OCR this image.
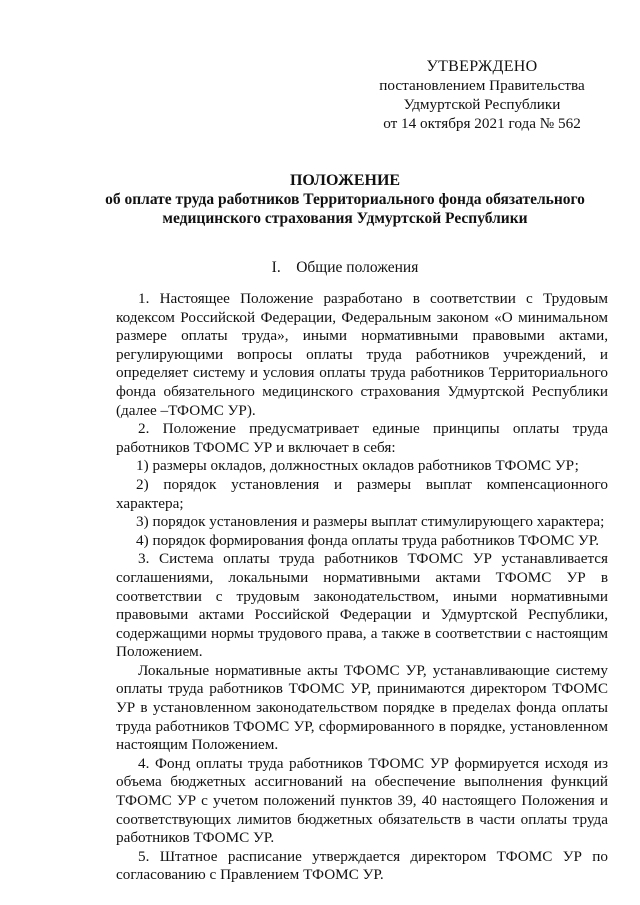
УТВЕРЖДЕНО
постановлением Правительства
Удмуртской Республики
от 14 октября 2021 года № 562
ПОЛОЖЕНИЕ
об оплате труда работников Территориального фонда обязательного
медицинского страхования Удмуртской Республики
I. Общие положения

1. Настоящее Положение разработано в соответствии с Трудовым кодексом Российской Федерации, Федеральным законом «О минимальном размере оплаты труда», иными нормативными правовыми актами, регулирующими вопросы оплаты труда работников учреждений, и определяет систему и условия оплаты труда работников Территориального фонда обязательного медицинского страхования Удмуртской Республики (далее –ТФОМС УР).

2. Положение предусматривает единые принципы оплаты труда работников ТФОМС УР и включает в себя:

1) размеры окладов, должностных окладов работников ТФОМС УР;

2) порядок установления и размеры выплат компенсационного характера;

3) порядок установления и размеры выплат стимулирующего характера;

4) порядок формирования фонда оплаты труда работников ТФОМС УР.

3. Система оплаты труда работников ТФОМС УР устанавливается соглашениями, локальными нормативными актами ТФОМС УР в соответствии с трудовым законодательством, иными нормативными правовыми актами Российской Федерации и Удмуртской Республики, содержащими нормы трудового права, а также в соответствии с настоящим Положением.

Локальные нормативные акты ТФОМС УР, устанавливающие систему оплаты труда работников ТФОМС УР, принимаются директором ТФОМС УР в установленном законодательством порядке в пределах фонда оплаты труда работников ТФОМС УР, сформированного в порядке, установленном настоящим Положением.

4. Фонд оплаты труда работников ТФОМС УР формируется исходя из объема бюджетных ассигнований на обеспечение выполнения функций ТФОМС УР с учетом положений пунктов 39, 40 настоящего Положения и соответствующих лимитов бюджетных обязательств в части оплаты труда работников ТФОМС УР.

5. Штатное расписание утверждается директором ТФОМС УР по согласованию с Правлением ТФОМС УР.
